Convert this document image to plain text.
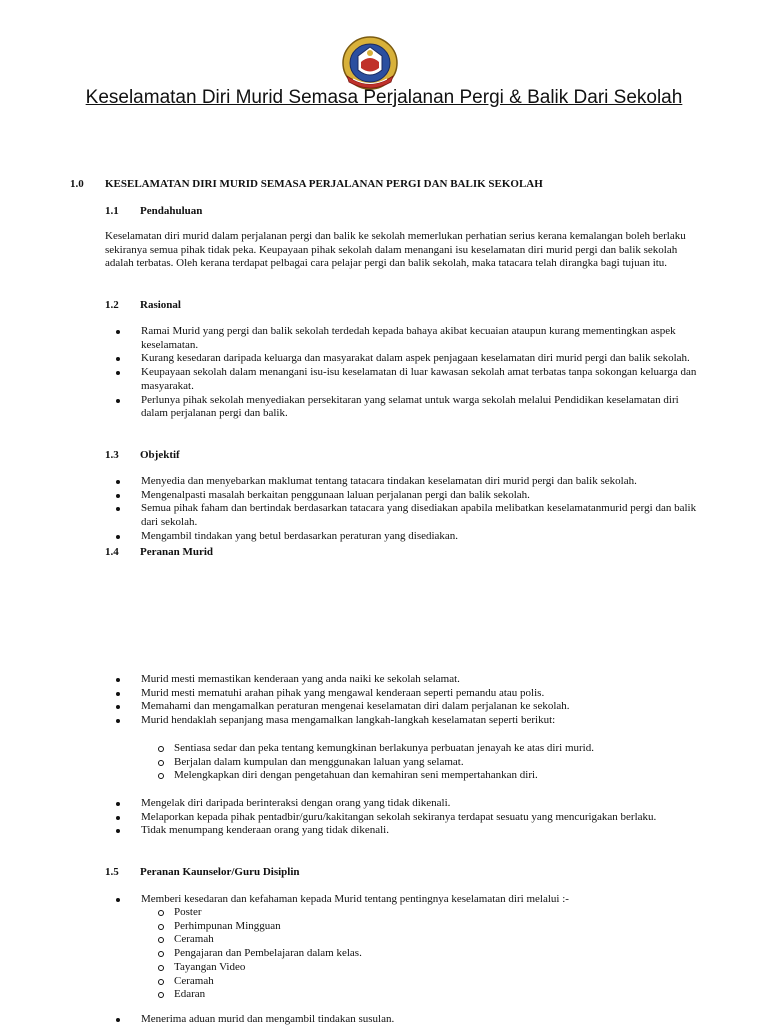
Keselamatan Diri Murid Semasa Perjalanan Pergi & Balik Dari Sekolah
1.0 KESELAMATAN DIRI MURID SEMASA PERJALANAN PERGI DAN BALIK SEKOLAH
1.1 Pendahuluan
Keselamatan diri murid dalam perjalanan pergi dan balik ke sekolah memerlukan perhatian serius kerana kemalangan boleh berlaku sekiranya semua pihak tidak peka. Keupayaan pihak sekolah dalam menangani isu keselamatan diri murid pergi dan balik sekolah adalah terbatas. Oleh kerana terdapat pelbagai cara pelajar pergi dan balik sekolah, maka tatacara telah dirangka bagi tujuan itu.
1.2 Rasional
Ramai Murid yang pergi dan balik sekolah terdedah kepada bahaya akibat kecuaian ataupun kurang mementingkan aspek keselamatan.
Kurang kesedaran daripada keluarga dan masyarakat dalam aspek penjagaan keselamatan diri murid pergi dan balik sekolah.
Keupayaan sekolah dalam menangani isu-isu keselamatan di luar kawasan sekolah amat terbatas tanpa sokongan keluarga dan masyarakat.
Perlunya pihak sekolah menyediakan persekitaran yang selamat untuk warga sekolah melalui Pendidikan keselamatan diri dalam perjalanan pergi dan balik.
1.3 Objektif
Menyedia dan menyebarkan maklumat tentang tatacara tindakan keselamatan diri murid pergi dan balik sekolah.
Mengenalpasti masalah berkaitan penggunaan laluan perjalanan pergi dan balik sekolah.
Semua pihak faham dan bertindak berdasarkan tatacara yang disediakan apabila melibatkan keselamatanmurid pergi dan balik dari sekolah.
Mengambil tindakan yang betul berdasarkan peraturan yang disediakan.
1.4 Peranan Murid
Murid mesti memastikan kenderaan yang anda naiki ke sekolah selamat.
Murid mesti mematuhi arahan pihak yang mengawal kenderaan seperti pemandu atau polis.
Memahami dan mengamalkan peraturan mengenai keselamatan diri dalam perjalanan ke sekolah.
Murid hendaklah sepanjang masa mengamalkan langkah-langkah keselamatan seperti berikut:
Sentiasa sedar dan peka tentang kemungkinan berlakunya perbuatan jenayah ke atas diri murid.
Berjalan dalam kumpulan dan menggunakan laluan yang selamat.
Melengkapkan diri dengan pengetahuan dan kemahiran seni mempertahankan diri.
Mengelak diri daripada berinteraksi dengan orang yang tidak dikenali.
Melaporkan kepada pihak pentadbir/guru/kakitangan sekolah sekiranya terdapat sesuatu yang mencurigakan berlaku.
Tidak menumpang kenderaan orang yang tidak dikenali.
1.5 Peranan Kaunselor/Guru Disiplin
Memberi kesedaran dan kefahaman kepada Murid tentang pentingnya keselamatan diri melalui :-
Poster
Perhimpunan Mingguan
Ceramah
Pengajaran dan Pembelajaran dalam kelas.
Tayangan Video
Ceramah
Edaran
Menerima aduan murid dan mengambil tindakan susulan.
